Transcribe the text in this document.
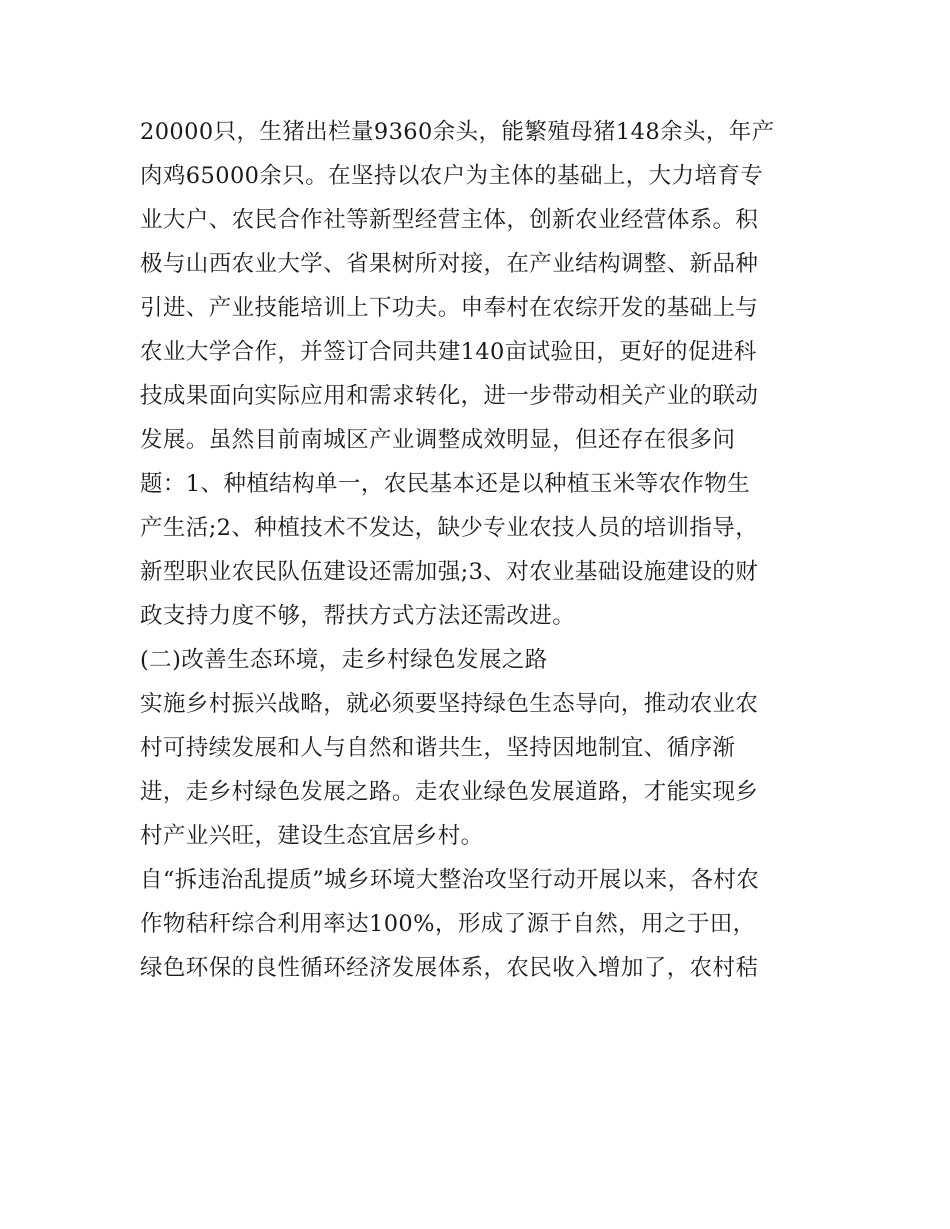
20000只，生猪出栏量9360余头，能繁殖母猪148余头，年产

肉鸡65000余只。在坚持以农户为主体的基础上，大力培育专

业大户、农民合作社等新型经营主体，创新农业经营体系。积

极与山西农业大学、省果树所对接，在产业结构调整、新品种

引进、产业技能培训上下功夫。申奉村在农综开发的基础上与

农业大学合作，并签订合同共建140亩试验田，更好的促进科

技成果面向实际应用和需求转化，进一步带动相关产业的联动

发展。虽然目前南城区产业调整成效明显，但还存在很多问

题：1、种植结构单一，农民基本还是以种植玉米等农作物生

产生活;2、种植技术不发达，缺少专业农技人员的培训指导，

新型职业农民队伍建设还需加强;3、对农业基础设施建设的财

政支持力度不够，帮扶方式方法还需改进。

(二)改善生态环境，走乡村绿色发展之路

实施乡村振兴战略，就必须要坚持绿色生态导向，推动农业农

村可持续发展和人与自然和谐共生，坚持因地制宜、循序渐

进，走乡村绿色发展之路。走农业绿色发展道路，才能实现乡

村产业兴旺，建设生态宜居乡村。

自“拆违治乱提质”城乡环境大整治攻坚行动开展以来，各村农

作物秸秆综合利用率达100%，形成了源于自然，用之于田，

绿色环保的良性循环经济发展体系，农民收入增加了，农村秸
